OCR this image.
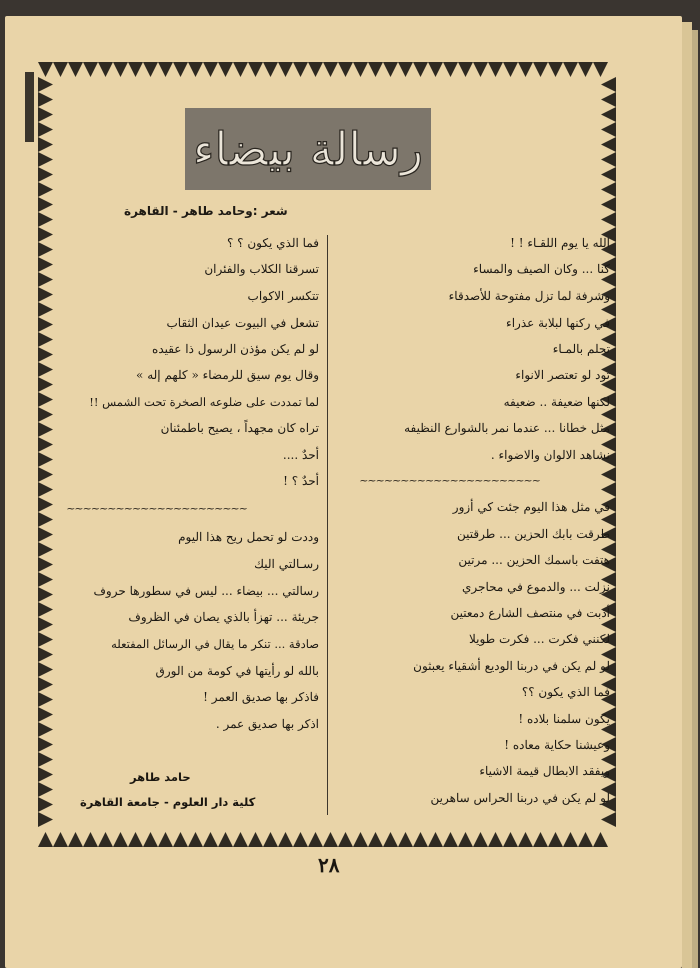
رسالة بيضاء
شعر :وحامد طاهر - القاهرة
الله يا يوم اللقـاء ! !
كنا ... وكان الصيف والمساء
وشرفة لما تزل مفتوحة للأصدقاء
في ركنها لبلابة عذراء
تحلم بالمـاء
تود لو تعتصر الانواء
لكنها ضعيفة .. ضعيفه
مثل خطانا ... عندما نمر بالشوارع النظيفه
نشاهد الالوان والاضواء .
~~~~~~~~~~~~~~~~~~~~~~
في مثل هذا اليوم جئت كي أزور
طرقت بابك الحزين ... طرقتين
هتفت باسمك الحزين ... مرتين
نزلت ... والدموع في محاجري
أذبت في منتصف الشارع دمعتين
لكنني فكرت ... فكرت طويلا
لو لم يكن في دربنا الوديع أشقياء يعبثون
فما الذي يكون ؟؟
يكون سلمنا بلاده !
وعيشنا حكاية معاده !
ويفقد الابطال قيمة الاشياء
لو لم يكن في دربنا الحراس ساهرين
فما الذي يكون ؟ ؟
تسرقنا الكلاب والفئران
تتكسر الاكواب
تشعل في البيوت عيدان الثقاب
لو لم يكن مؤذن الرسول ذا عقيده
وقال يوم سيق للرمضاء « كلهم إله »
لما تمددت على ضلوعه الصخرة تحت الشمس !!
تراه كان مجهداً ، يصيح باطمئنان
أحدٌ ....
أحدٌ ؟ !
~~~~~~~~~~~~~~~~~~~~~~
وددت لو تحمل ريح هذا اليوم
رسـالتي اليك
رسالتي ... بيضاء ... ليس في سطورها حروف
جريئة ... تهزأ بالذي يصان في الظروف
صادقة ... تنكر ما يقال في الرسائل المفتعله
بالله لو رأيتها في كومة من الورق
فاذكر بها صديق العمر !
اذكر بها صديق عمر .
حامد طاهر
كلية دار العلوم - جامعة القاهرة
٢٨
